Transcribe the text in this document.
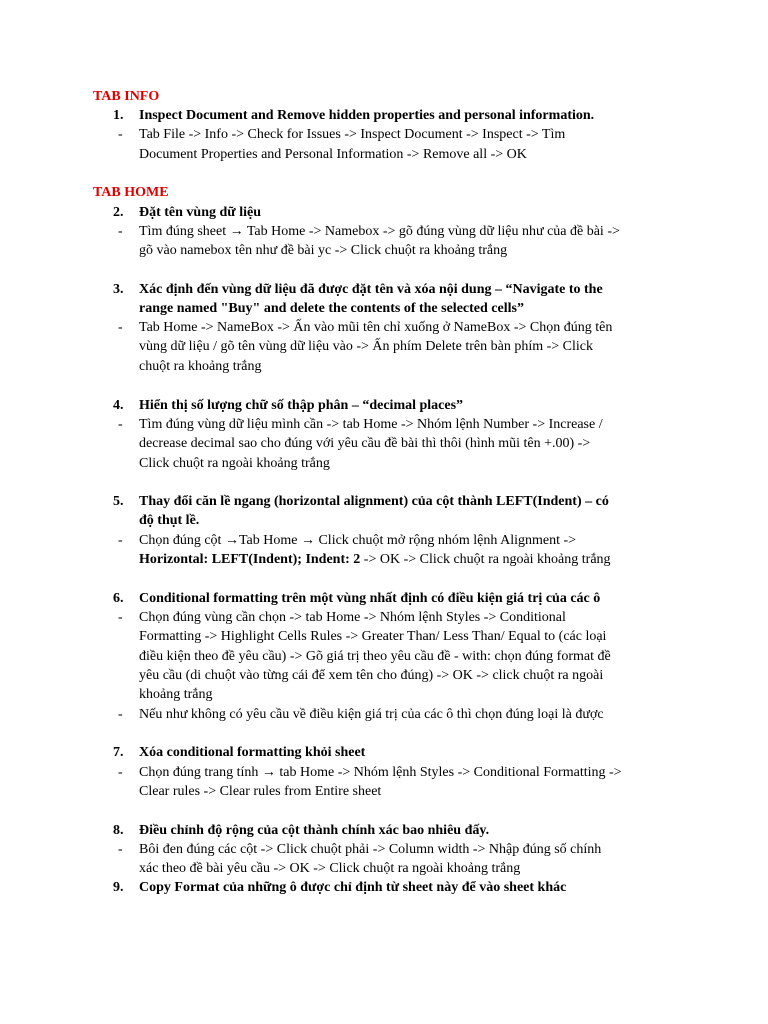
TAB INFO
1. Inspect Document and Remove hidden properties and personal information.
- Tab File -> Info -> Check for Issues -> Inspect Document -> Inspect -> Tìm
Document Properties and Personal Information -> Remove all -> OK
TAB HOME
2. Đặt tên vùng dữ liệu
- Tìm đúng sheet → Tab Home -> Namebox -> gõ đúng vùng dữ liệu như của đề bài ->
gõ vào namebox tên như đề bài yc -> Click chuột ra khoảng trắng
3. Xác định đến vùng dữ liệu đã được đặt tên và xóa nội dung – “Navigate to the
range named "Buy" and delete the contents of the selected cells”
- Tab Home -> NameBox -> Ấn vào mũi tên chỉ xuống ở NameBox -> Chọn đúng tên
vùng dữ liệu / gõ tên vùng dữ liệu vào -> Ấn phím Delete trên bàn phím -> Click
chuột ra khoảng trắng
4. Hiển thị số lượng chữ số thập phân – “decimal places”
- Tìm đúng vùng dữ liệu mình cần -> tab Home -> Nhóm lệnh Number -> Increase /
decrease decimal sao cho đúng với yêu cầu đề bài thì thôi (hình mũi tên +.00) ->
Click chuột ra ngoài khoảng trắng
5. Thay đổi căn lề ngang (horizontal alignment) của cột thành LEFT(Indent) – có
độ thụt lề.
- Chọn đúng cột →Tab Home → Click chuột mở rộng nhóm lệnh Alignment ->
Horizontal: LEFT(Indent); Indent: 2 -> OK -> Click chuột ra ngoài khoảng trắng
6. Conditional formatting trên một vùng nhất định có điều kiện giá trị của các ô
- Chọn đúng vùng cần chọn -> tab Home -> Nhóm lệnh Styles -> Conditional
Formatting -> Highlight Cells Rules -> Greater Than/ Less Than/ Equal to (các loại
điều kiện theo đề yêu cầu) -> Gõ giá trị theo yêu cầu đề - with: chọn đúng format đề
yêu cầu (di chuột vào từng cái để xem tên cho đúng) -> OK -> click chuột ra ngoài
khoảng trắng
- Nếu như không có yêu cầu về điều kiện giá trị của các ô thì chọn đúng loại là được
7. Xóa conditional formatting khỏi sheet
- Chọn đúng trang tính → tab Home -> Nhóm lệnh Styles -> Conditional Formatting ->
Clear rules -> Clear rules from Entire sheet
8. Điều chỉnh độ rộng của cột thành chính xác bao nhiêu đấy.
- Bôi đen đúng các cột -> Click chuột phải -> Column width -> Nhập đúng số chính
xác theo đề bài yêu cầu -> OK -> Click chuột ra ngoài khoảng trắng
9. Copy Format của những ô được chỉ định từ sheet này để vào sheet khác
